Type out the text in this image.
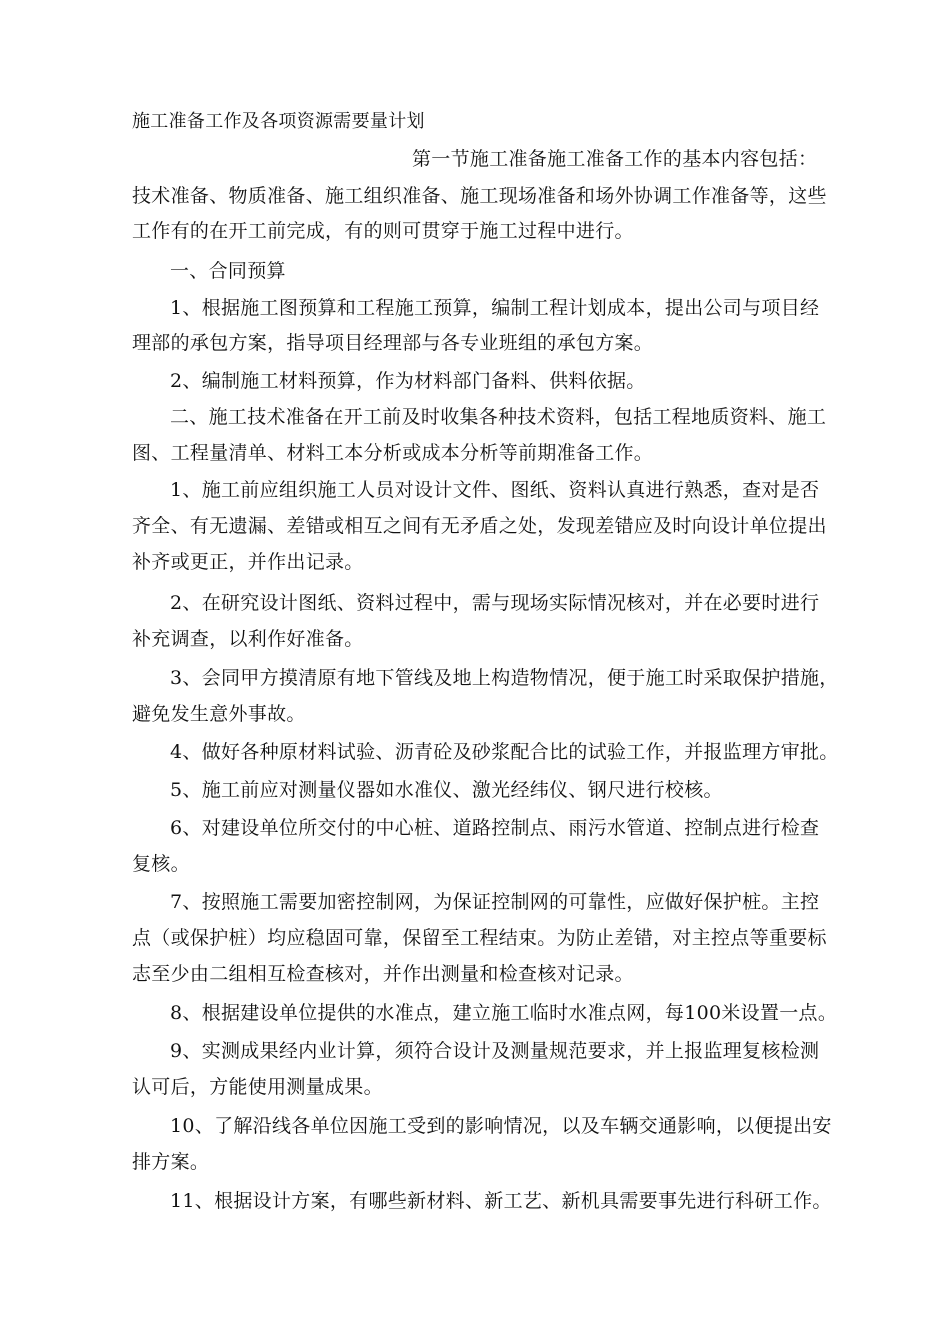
施工准备工作及各项资源需要量计划
第一节施工准备施工准备工作的基本内容包括：
技术准备、物质准备、施工组织准备、施工现场准备和场外协调工作准备等，这些
工作有的在开工前完成，有的则可贯穿于施工过程中进行。
一、合同预算
1、根据施工图预算和工程施工预算，编制工程计划成本，提出公司与项目经
理部的承包方案，指导项目经理部与各专业班组的承包方案。
2、编制施工材料预算，作为材料部门备料、供料依据。
二、施工技术准备在开工前及时收集各种技术资料，包括工程地质资料、施工
图、工程量清单、材料工本分析或成本分析等前期准备工作。
1、施工前应组织施工人员对设计文件、图纸、资料认真进行熟悉，查对是否
齐全、有无遗漏、差错或相互之间有无矛盾之处，发现差错应及时向设计单位提出
补齐或更正，并作出记录。
2、在研究设计图纸、资料过程中，需与现场实际情况核对，并在必要时进行
补充调查，以利作好准备。
3、会同甲方摸清原有地下管线及地上构造物情况，便于施工时采取保护措施，
避免发生意外事故。
4、做好各种原材料试验、沥青砼及砂浆配合比的试验工作，并报监理方审批。
5、施工前应对测量仪器如水准仪、激光经纬仪、钢尺进行校核。
6、对建设单位所交付的中心桩、道路控制点、雨污水管道、控制点进行检查
复核。
7、按照施工需要加密控制网，为保证控制网的可靠性，应做好保护桩。主控
点（或保护桩）均应稳固可靠，保留至工程结束。为防止差错，对主控点等重要标
志至少由二组相互检查核对，并作出测量和检查核对记录。
8、根据建设单位提供的水准点，建立施工临时水准点网，每100米设置一点。
9、实测成果经内业计算，须符合设计及测量规范要求，并上报监理复核检测
认可后，方能使用测量成果。
10、了解沿线各单位因施工受到的影响情况，以及车辆交通影响，以便提出安
排方案。
11、根据设计方案，有哪些新材料、新工艺、新机具需要事先进行科研工作。
